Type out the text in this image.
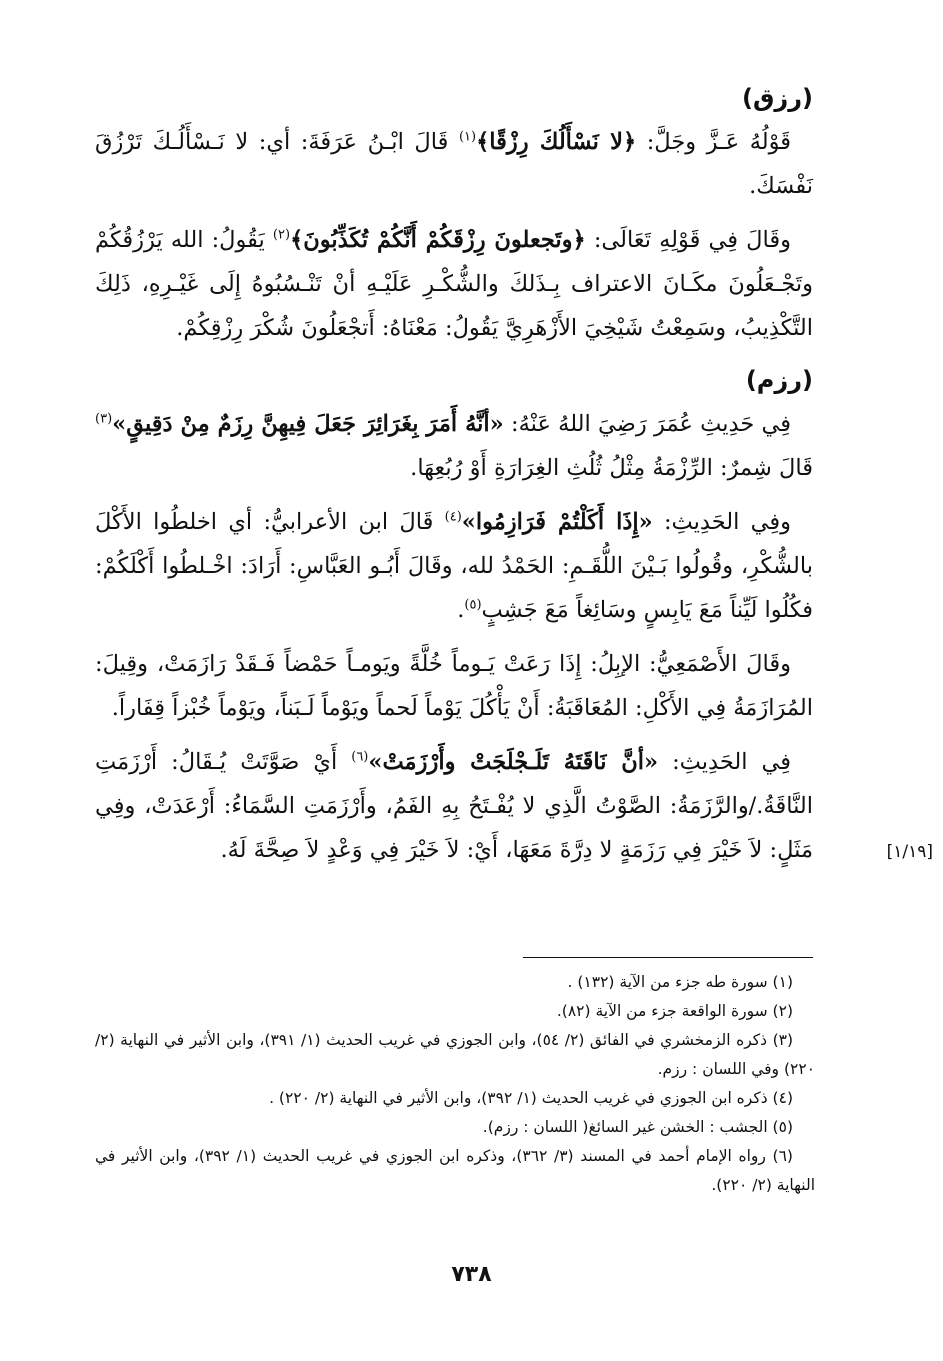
(رزق)

قَوْلُهُ عَـزَّ وجَلَّ: ﴿لا نَسْأَلُكَ رِزْقًا﴾$^{(١)}$ قَالَ ابْـنُ عَرَفَةَ: أي: لا نَـسْأَلُـكَ تَرْزُقَ نَفْسَكَ.

وقَالَ فِي قَوْلِهِ تَعَالَى: ﴿وتَجعلونَ رِزْقَكُمْ أَنَّكُمْ تُكَذِّبُونَ﴾$^{(٢)}$ يَقُولُ: الله يَرْزُقُكُمْ وتَجْـعَلُونَ مكَـانَ الاعتراف بِـذَلكَ والشُّكْـرِ عَلَيْـهِ أنْ تَنْـسُبُوهُ إِلَى غَيْـرِهِ، ذَلِكَ التَّكْذِيبُ، وسَمِعْتُ شَيْخِيَ الأَزْهَرِيَّ يَقُولُ: مَعْنَاهُ: أَتجْعَلُونَ شُكْرَ رِزْقِكُمْ.

(رزم)

فِي حَدِيثِ عُمَرَ رَضِيَ اللهُ عَنْهُ: «أنَّهُ أَمَرَ بِغَرَائِرَ جَعَلَ فِيهِنَّ رِزَمٌ مِنْ دَقِيقٍ»$^{(٣)}$ قَالَ شِمرٌ: الرِّزْمَةُ مِثْلُ ثُلُثِ الغِرَارَةِ أَوْ رُبُعِهَا.

وفِي الحَدِيثِ: «إِذَا أَكَلْتُمْ فَرَازِمُوا»$^{(٤)}$ قَالَ ابن الأعرابيُّ: أي اخلطُوا الأَكْلَ بالشُّكْرِ، وقُولُوا بَـيْنَ اللُّقَـمِ: الحَمْدُ لله، وقَالَ أَبُـو العَبَّاسِ: أَرَادَ: اخْـلطُوا أَكْلَكُمْ: فكُلُوا لَيِّناً مَعَ يَابِسٍ وسَائِغاً مَعَ جَشِبٍ$^{(٥)}$.

وقَالَ الأَصْمَعِيُّ: الإبِلُ: إِذَا رَعَتْ يَـوماً خُلَّةً ويَومـاً حَمْضاً فَـقَدْ رَازَمَتْ، وقِيلَ: المُرَازَمَةُ فِي الأَكْلِ: المُعَاقَبَةُ: أَنْ يَأْكُلَ يَوْماً لَحماً ويَوْماً لَـبَناً، ويَوْماً خُبْزاً قِفَاراً.

فِي الحَدِيثِ: «أنَّ نَاقَتَهُ تَلَـجْلَجَتْ وأَرْزَمَتْ»$^{(٦)}$ أَيْ صَوَّتَتْ يُـقَالُ: أَرْزَمَتِ النَّاقَةُ./والرَّزَمَةُ: الصَّوْتُ الَّذِي لا يُفْـتَحُ بِهِ الفَمُ، وأَرْزَمَتِ السَّمَاءُ: أَرْعَدَتْ، وفِي مَثَلٍ: لاَ خَيْرَ فِي رَزَمَةٍ لا دِرَّةَ مَعَهَا، أَيْ: لاَ خَيْرَ فِي وَعْدٍ لاَ صِحَّةَ لَهُ.	[١/١٩]

(١) سورة طه جزء من الآية (١٣٢) .

(٢) سورة الواقعة جزء من الآية (٨٢).

(٣) ذكره الزمخشري في الفائق (٢/ ٥٤)، وابن الجوزي في غريب الحديث (١/ ٣٩١)، وابن الأثير في النهاية (٢/ ٢٢٠) وفي اللسان : رزم.

(٤) ذكره ابن الجوزي في غريب الحديث (١/ ٣٩٢)، وابن الأثير في النهاية (٢/ ٢٢٠) .

(٥) الجشب : الخشن غير السائغ( اللسان : رزم).

(٦) رواه الإمام أحمد في المسند (٣/ ٣٦٢)، وذكره ابن الجوزي في غريب الحديث (١/ ٣٩٢)، وابن الأثير في النهاية (٢/ ٢٢٠).

٧٣٨
